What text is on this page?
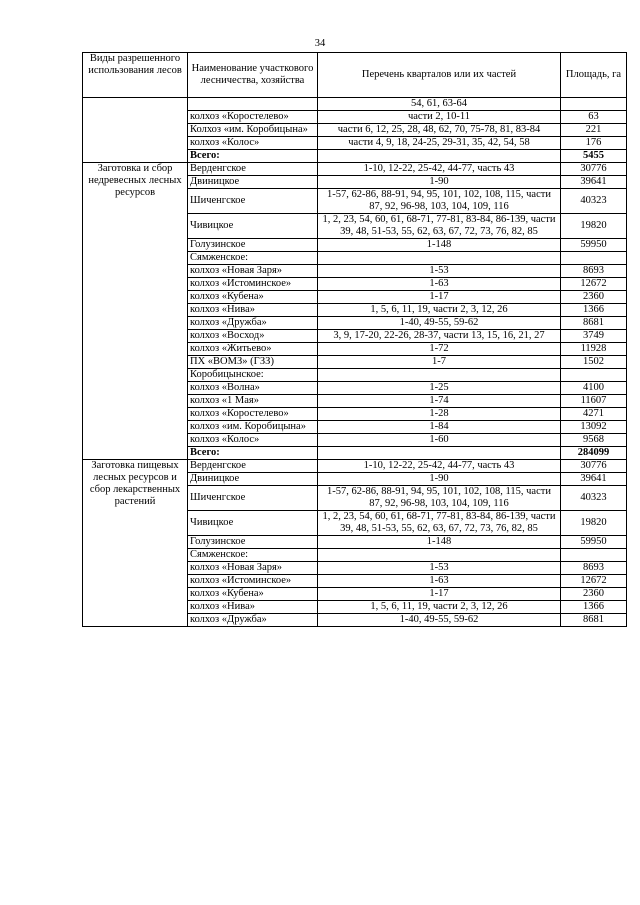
34
Виды разрешенного использования лесов	Наименование участкового лесничества, хозяйства	Перечень кварталов или их частей	Площадь, га
		54, 61, 63-64	
	колхоз «Коростелево»	части 2, 10-11	63
	Колхоз «им. Коробицына»	части 6, 12, 25, 28, 48, 62, 70, 75-78, 81, 83-84	221
	колхоз «Колос»	части 4, 9, 18, 24-25, 29-31, 35, 42, 54, 58	176
	Всего:		5455
Заготовка и сбор недревесных лесных ресурсов	Верденгское	1-10, 12-22, 25-42, 44-77, часть 43	30776
	Двиницкое	1-90	39641
	Шиченгское	1-57, 62-86, 88-91, 94, 95, 101, 102, 108, 115, части 87, 92, 96-98, 103, 104, 109, 116	40323
	Чивицкое	1, 2, 23, 54, 60, 61, 68-71, 77-81, 83-84, 86-139, части 39, 48, 51-53, 55, 62, 63, 67, 72, 73, 76, 82, 85	19820
	Голузинское	1-148	59950
	Сямженское:		
	колхоз «Новая Заря»	1-53	8693
	колхоз «Истоминское»	1-63	12672
	колхоз «Кубена»	1-17	2360
	колхоз «Нива»	1, 5, 6, 11, 19, части 2, 3, 12, 26	1366
	колхоз «Дружба»	1-40, 49-55, 59-62	8681
	колхоз «Восход»	3, 9, 17-20, 22-26, 28-37, части 13, 15, 16, 21, 27	3749
	колхоз «Житьево»	1-72	11928
	ПХ «ВОМЗ» (ГЗЗ)	1-7	1502
	Коробицынское:		
	колхоз «Волна»	1-25	4100
	колхоз «1 Мая»	1-74	11607
	колхоз «Коростелево»	1-28	4271
	колхоз «им. Коробицына»	1-84	13092
	колхоз «Колос»	1-60	9568
	Всего:		284099
Заготовка пищевых лесных ресурсов и сбор лекарственных растений	Верденгское	1-10, 12-22, 25-42, 44-77, часть 43	30776
	Двиницкое	1-90	39641
	Шиченгское	1-57, 62-86, 88-91, 94, 95, 101, 102, 108, 115, части 87, 92, 96-98, 103, 104, 109, 116	40323
	Чивицкое	1, 2, 23, 54, 60, 61, 68-71, 77-81, 83-84, 86-139, части 39, 48, 51-53, 55, 62, 63, 67, 72, 73, 76, 82, 85	19820
	Голузинское	1-148	59950
	Сямженское:		
	колхоз «Новая Заря»	1-53	8693
	колхоз «Истоминское»	1-63	12672
	колхоз «Кубена»	1-17	2360
	колхоз «Нива»	1, 5, 6, 11, 19, части 2, 3, 12, 26	1366
	колхоз «Дружба»	1-40, 49-55, 59-62	8681
